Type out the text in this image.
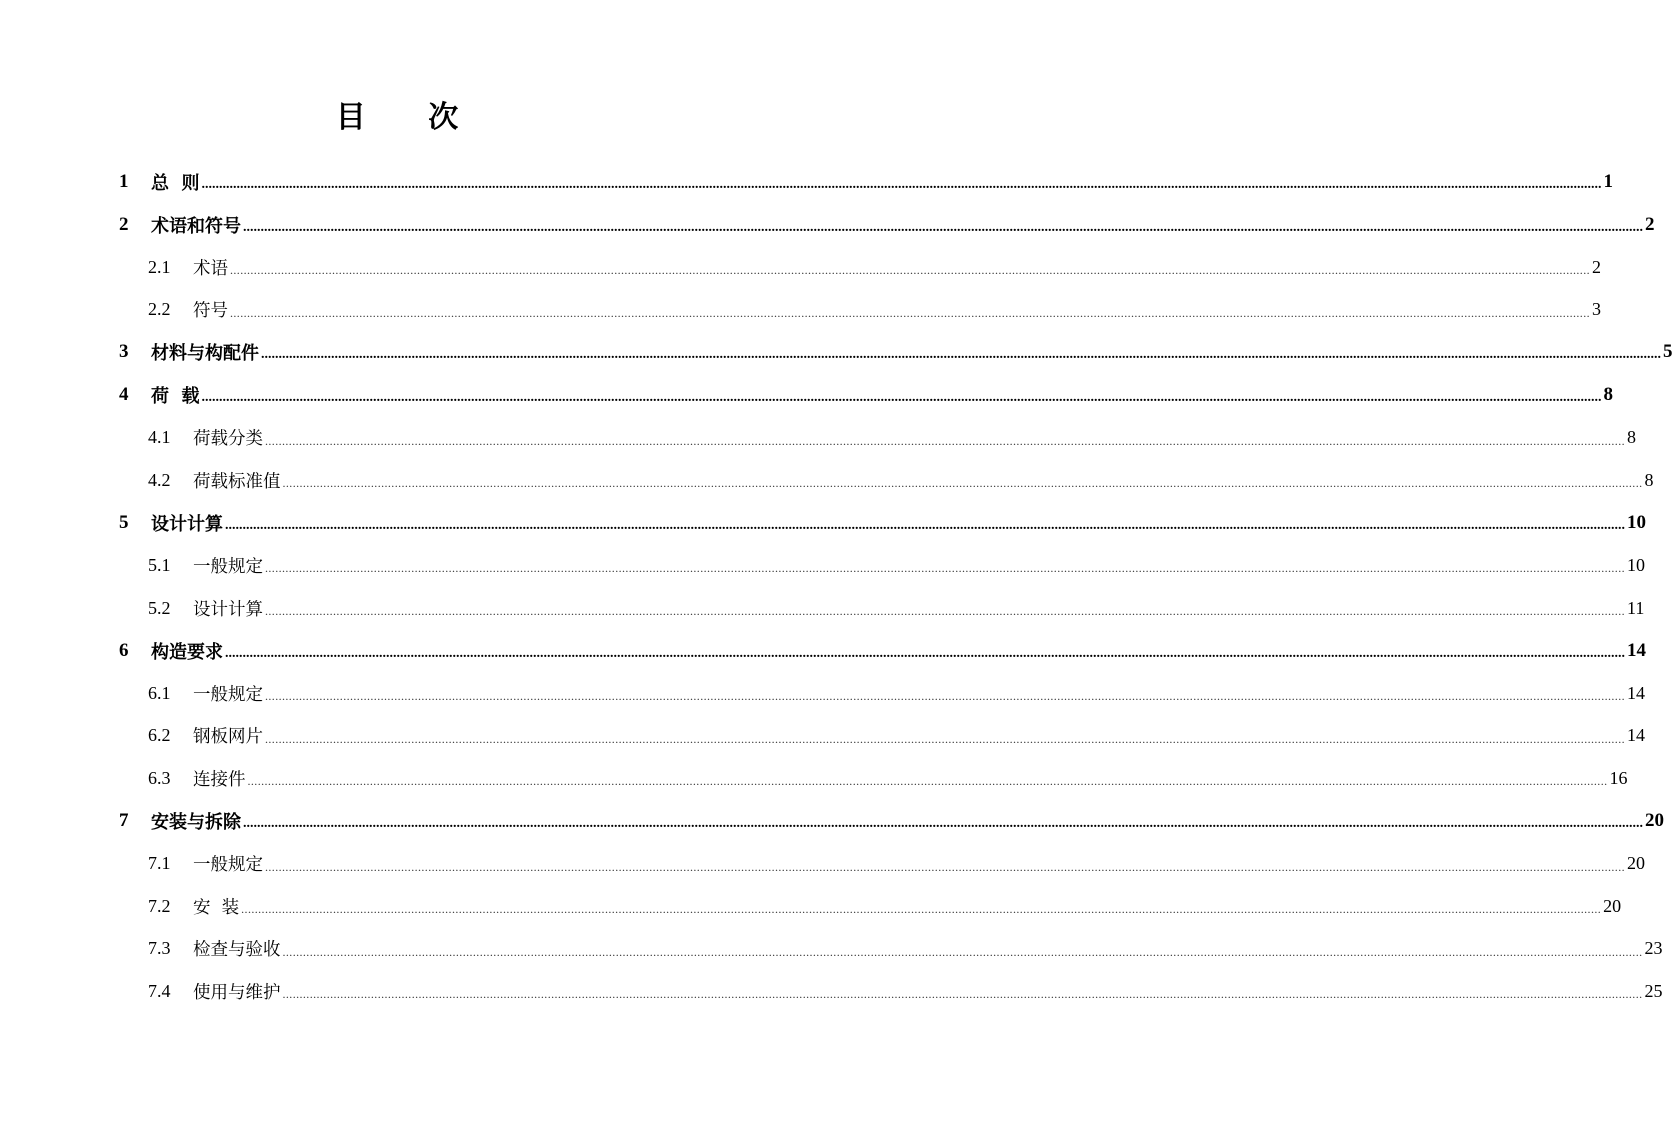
目 次
1	总  则 ................................................................................................................................................................................................................................................................................................................................................................................................................ 1
2	术语和符号 ................................................................................................................................................................................................................................................................................................................................................................................................................ 2
2.1	术语 ................................................................................................................................................................................................................................................................................................................................................................................................................ 2
2.2	符号 ................................................................................................................................................................................................................................................................................................................................................................................................................ 3
3	材料与构配件 ................................................................................................................................................................................................................................................................................................................................................................................................................ 5
4	荷  载 ................................................................................................................................................................................................................................................................................................................................................................................................................ 8
4.1	荷载分类 ................................................................................................................................................................................................................................................................................................................................................................................................................ 8
4.2	荷载标准值 ................................................................................................................................................................................................................................................................................................................................................................................................................ 8
5	设计计算 ................................................................................................................................................................................................................................................................................................................................................................................................................ 10
5.1	一般规定 ................................................................................................................................................................................................................................................................................................................................................................................................................ 10
5.2	设计计算 ................................................................................................................................................................................................................................................................................................................................................................................................................ 11
6	构造要求 ................................................................................................................................................................................................................................................................................................................................................................................................................ 14
6.1	一般规定 ................................................................................................................................................................................................................................................................................................................................................................................................................ 14
6.2	钢板网片 ................................................................................................................................................................................................................................................................................................................................................................................................................ 14
6.3	连接件 ................................................................................................................................................................................................................................................................................................................................................................................................................ 16
7	安装与拆除 ................................................................................................................................................................................................................................................................................................................................................................................................................ 20
7.1	一般规定 ................................................................................................................................................................................................................................................................................................................................................................................................................ 20
7.2	安  装 ................................................................................................................................................................................................................................................................................................................................................................................................................ 20
7.3	检查与验收 ................................................................................................................................................................................................................................................................................................................................................................................................................ 23
7.4	使用与维护 ................................................................................................................................................................................................................................................................................................................................................................................................................ 25
